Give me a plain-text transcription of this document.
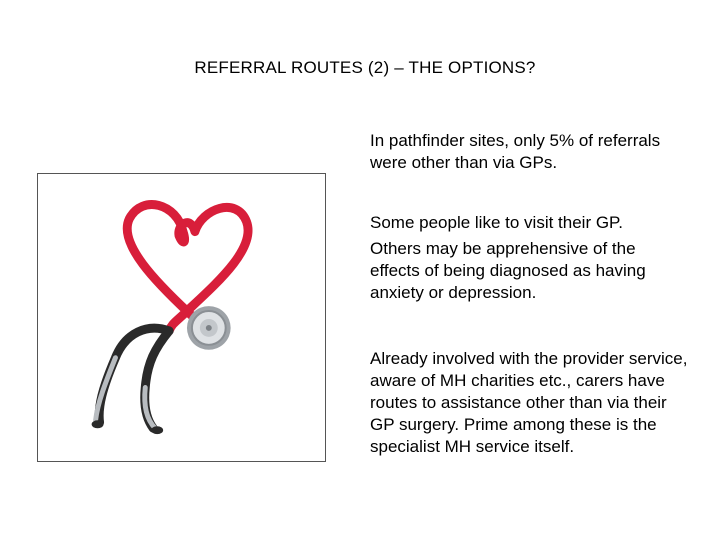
REFERRAL ROUTES (2) – THE OPTIONS?

In pathfinder sites, only 5% of referrals were other than via GPs.

Some people like to visit their GP.

Others may be apprehensive of the effects of being diagnosed as having anxiety or depression.

Already involved with the provider service, aware of MH charities etc., carers have routes to assistance other than via their GP surgery. Prime among these is the specialist MH service itself.
